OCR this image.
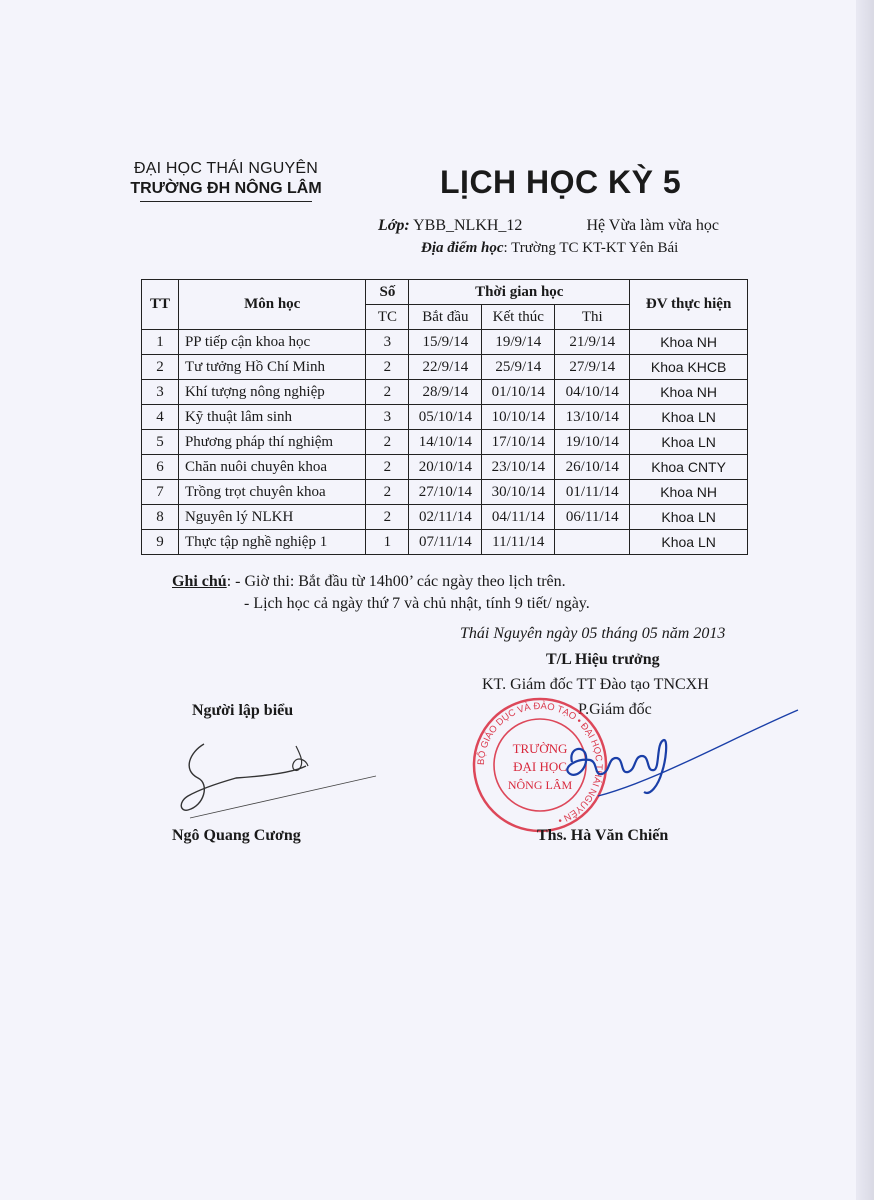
ĐẠI HỌC THÁI NGUYÊN
TRƯỜNG ĐH NÔNG LÂM	LỊCH HỌC KỲ 5
Lớp: YBB_NLKH_12	Hệ Vừa làm vừa học
Địa điểm học: Trường TC KT-KT Yên Bái
TT	Môn học	Số	Thời gian học			ĐV thực hiện
		TC	Bắt đầu	Kết thúc	Thi	
1	PP tiếp cận khoa học	3	15/9/14	19/9/14	21/9/14	Khoa NH
2	Tư tưởng Hồ Chí Minh	2	22/9/14	25/9/14	27/9/14	Khoa KHCB
3	Khí tượng nông nghiệp	2	28/9/14	01/10/14	04/10/14	Khoa NH
4	Kỹ thuật lâm sinh	3	05/10/14	10/10/14	13/10/14	Khoa LN
5	Phương pháp thí nghiệm	2	14/10/14	17/10/14	19/10/14	Khoa LN
6	Chăn nuôi chuyên khoa	2	20/10/14	23/10/14	26/10/14	Khoa CNTY
7	Trồng trọt chuyên khoa	2	27/10/14	30/10/14	01/11/14	Khoa NH
8	Nguyên lý NLKH	2	02/11/14	04/11/14	06/11/14	Khoa LN
9	Thực tập nghề nghiệp 1	1	07/11/14	11/11/14		Khoa LN
Ghi chú: - Giờ thi: Bắt đầu từ 14h00’ các ngày theo lịch trên.
- Lịch học cả ngày thứ 7 và chủ nhật, tính 9 tiết/ ngày.
Thái Nguyên ngày 05 tháng 05 năm 2013
T/L Hiệu trưởng
KT. Giám đốc TT Đào tạo TNCXH
P.Giám đốc
Người lập biểu
Ngô Quang Cương
BỘ GIÁO DỤC VÀ ĐÀO TẠO • ĐẠI HỌC THÁI NGUYÊN •
TRƯỜNG
ĐẠI HỌC
NÔNG LÂM
Ths. Hà Văn Chiến
